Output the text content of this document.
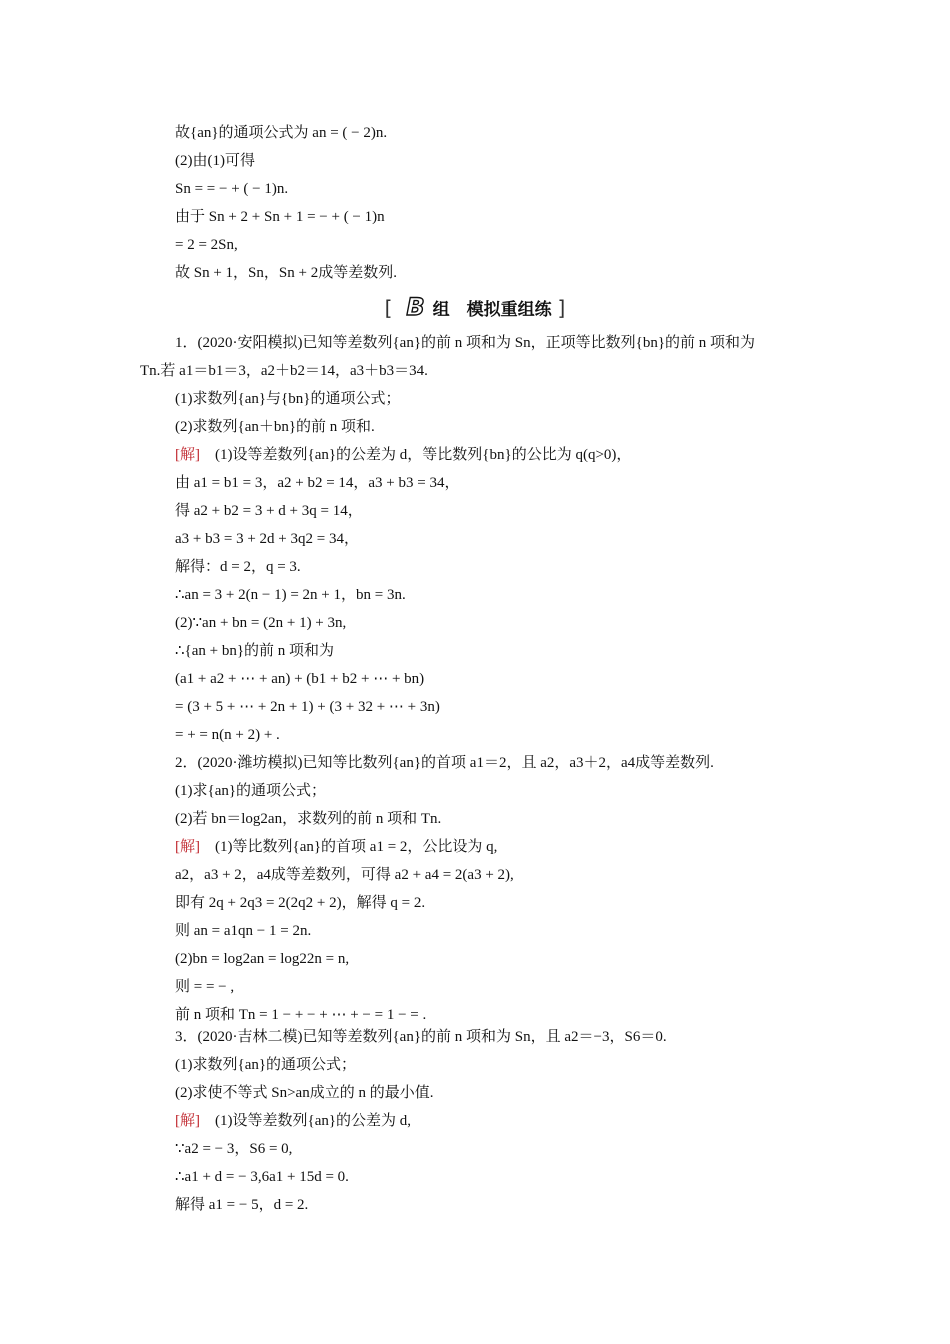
故{an}的通项公式为 an = ( − 2)n.
(2)由(1)可得
Sn = = − + ( − 1)n.
由于 Sn + 2 + Sn + 1 = − + ( − 1)n
= 2 = 2Sn,
故 Sn + 1，Sn，Sn + 2成等差数列.
[ B 组　模拟重组练 ]
1．(2020·安阳模拟)已知等差数列{an}的前 n 项和为 Sn，正项等比数列{bn}的前 n 项和为
Tn.若 a1＝b1＝3，a2＋b2＝14，a3＋b3＝34.
(1)求数列{an}与{bn}的通项公式；
(2)求数列{an＋bn}的前 n 项和.
[解]　(1)设等差数列{an}的公差为 d，等比数列{bn}的公比为 q(q>0)，
由 a1 = b1 = 3，a2 + b2 = 14，a3 + b3 = 34，
得 a2 + b2 = 3 + d + 3q = 14，
a3 + b3 = 3 + 2d + 3q2 = 34，
解得：d = 2，q = 3.
∴an = 3 + 2(n − 1) = 2n + 1，bn = 3n.
(2)∵an + bn = (2n + 1) + 3n,
∴{an + bn}的前 n 项和为
(a1 + a2 + ⋯ + an) + (b1 + b2 + ⋯ + bn)
= (3 + 5 + ⋯ + 2n + 1) + (3 + 32 + ⋯ + 3n)
= + = n(n + 2) + .
2．(2020·潍坊模拟)已知等比数列{an}的首项 a1＝2，且 a2，a3＋2，a4成等差数列.
(1)求{an}的通项公式；
(2)若 bn＝log2an，求数列的前 n 项和 Tn.
[解]　(1)等比数列{an}的首项 a1 = 2，公比设为 q,
a2，a3 + 2，a4成等差数列，可得 a2 + a4 = 2(a3 + 2),
即有 2q + 2q3 = 2(2q2 + 2)，解得 q = 2.
则 an = a1qn − 1 = 2n.
(2)bn = log2an = log22n = n,
则 = = − ,
前 n 项和 Tn = 1 − + − + ⋯ + − = 1 − = .
3．(2020·吉林二模)已知等差数列{an}的前 n 项和为 Sn，且 a2＝−3，S6＝0.
(1)求数列{an}的通项公式；
(2)求使不等式 Sn>an成立的 n 的最小值.
[解]　(1)设等差数列{an}的公差为 d,
∵a2 = − 3，S6 = 0,
∴a1 + d = − 3,6a1 + 15d = 0.
解得 a1 = − 5，d = 2.
